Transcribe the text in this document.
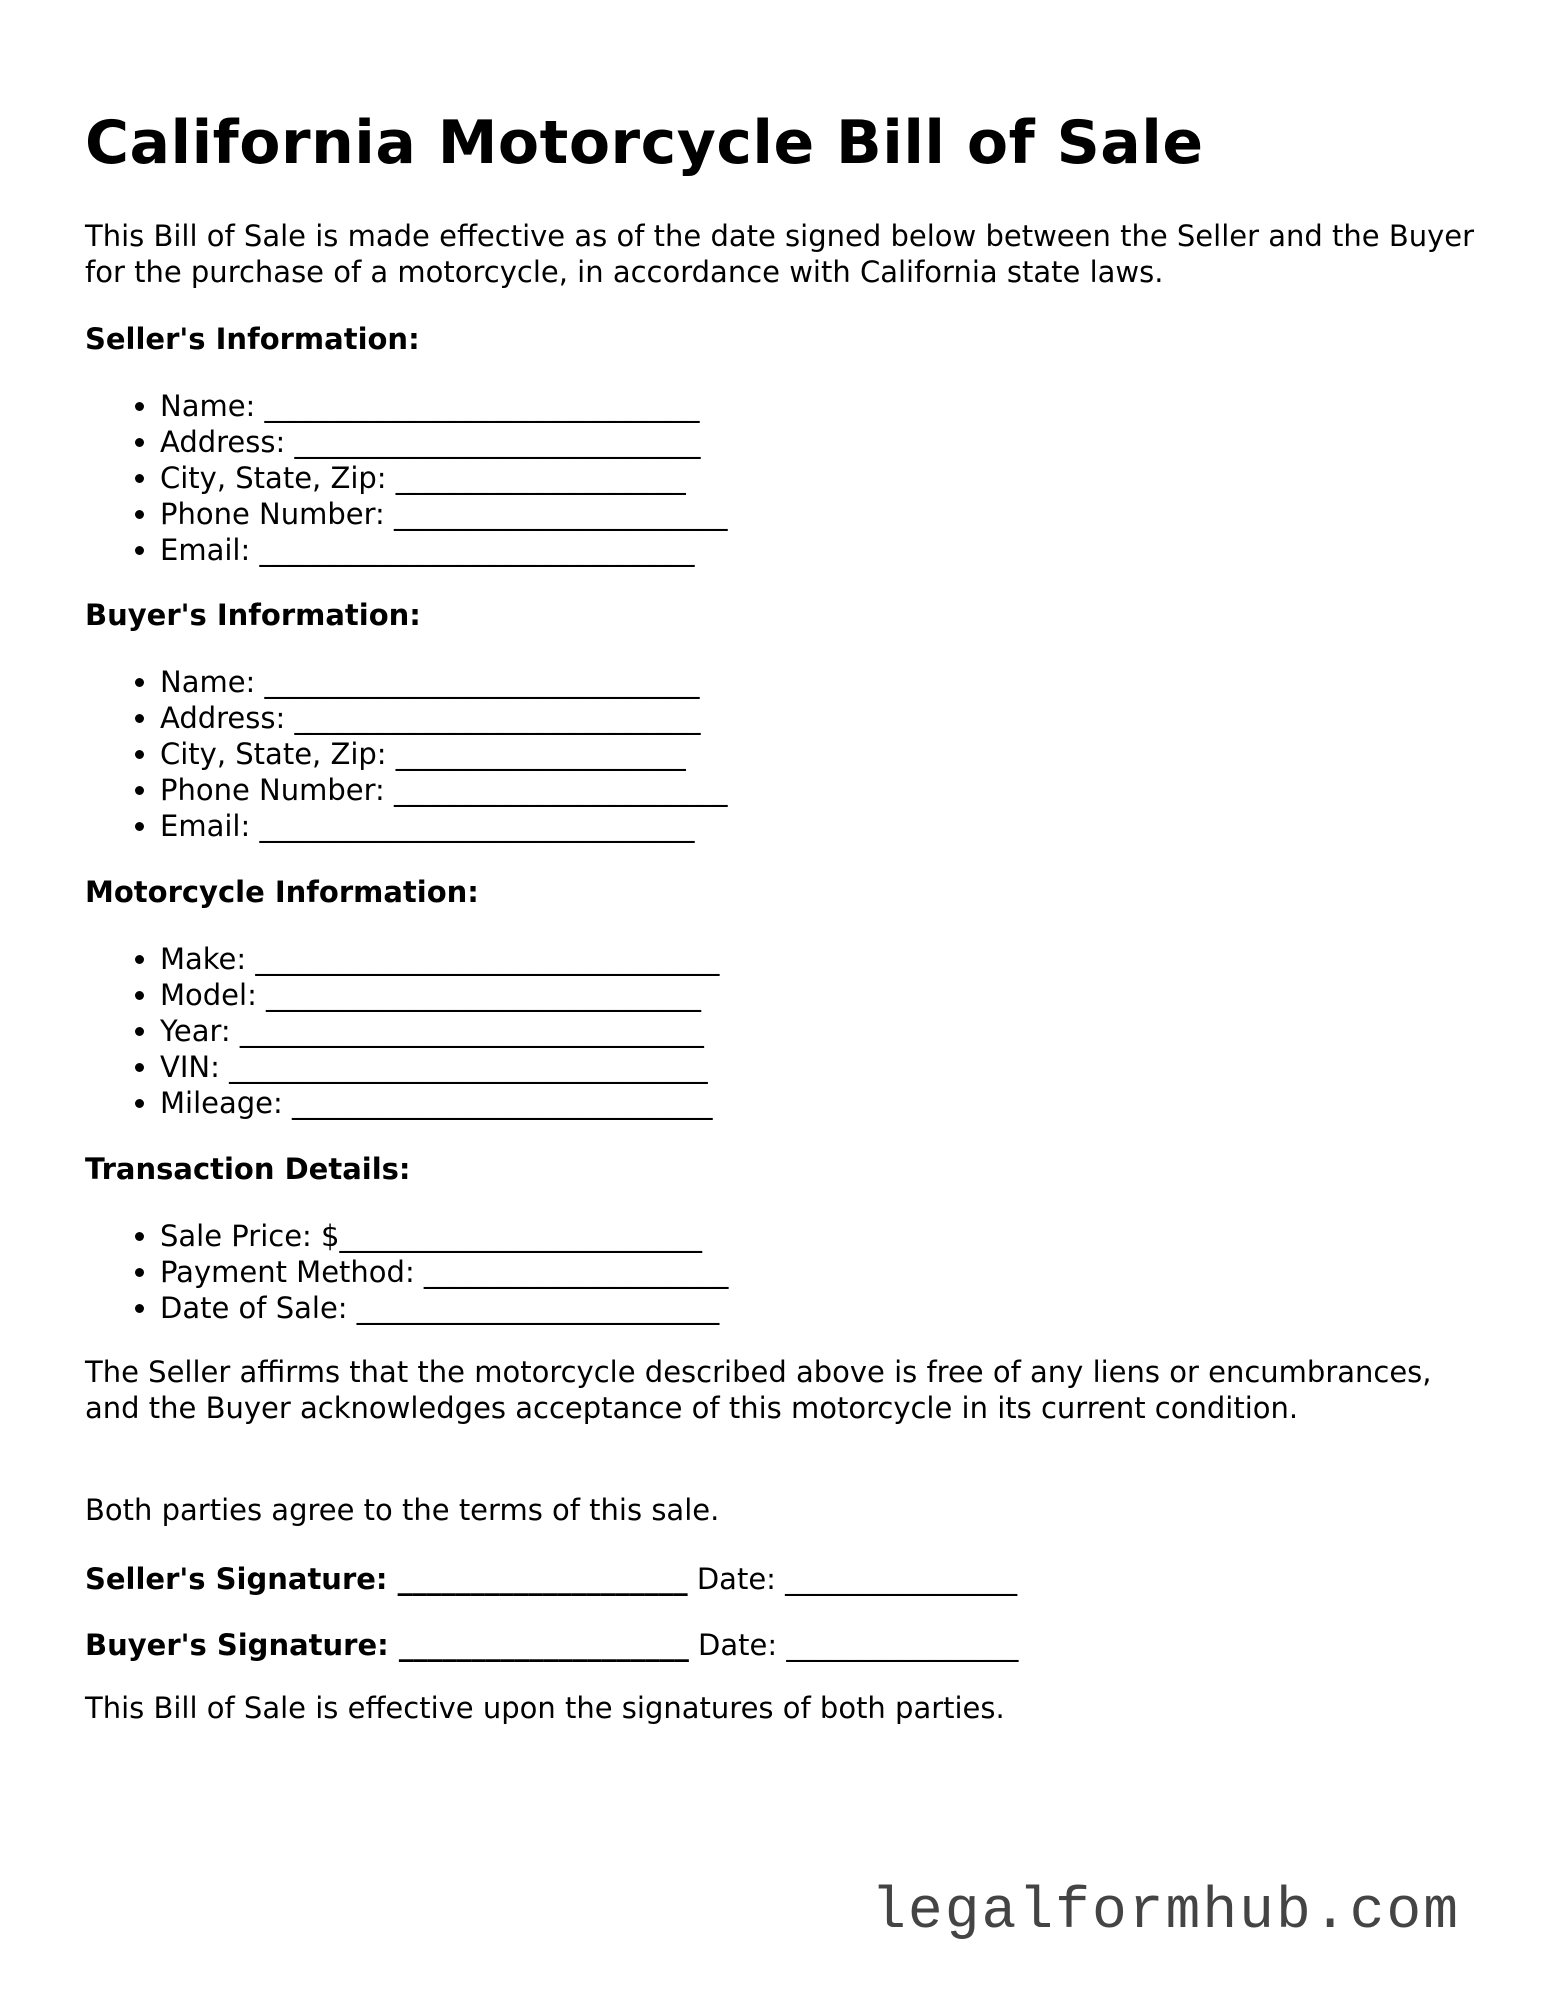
California Motorcycle Bill of Sale

This Bill of Sale is made effective as of the date signed below between the Seller and the Buyer for the purchase of a motorcycle, in accordance with California state laws.

Seller's Information:

• Name: ______________________________
• Address: ____________________________
• City, State, Zip: ____________________
• Phone Number: _______________________
• Email: ______________________________

Buyer's Information:

• Name: ______________________________
• Address: ____________________________
• City, State, Zip: ____________________
• Phone Number: _______________________
• Email: ______________________________

Motorcycle Information:

• Make: ________________________________
• Model: ______________________________
• Year: ________________________________
• VIN: _________________________________
• Mileage: _____________________________

Transaction Details:

• Sale Price: $_________________________
• Payment Method: _____________________
• Date of Sale: _________________________

The Seller affirms that the motorcycle described above is free of any liens or encumbrances, and the Buyer acknowledges acceptance of this motorcycle in its current condition.

Both parties agree to the terms of this sale.

Seller's Signature: ____________________ Date: ________________

Buyer's Signature: ____________________ Date: ________________

This Bill of Sale is effective upon the signatures of both parties.

legalformhub.com
